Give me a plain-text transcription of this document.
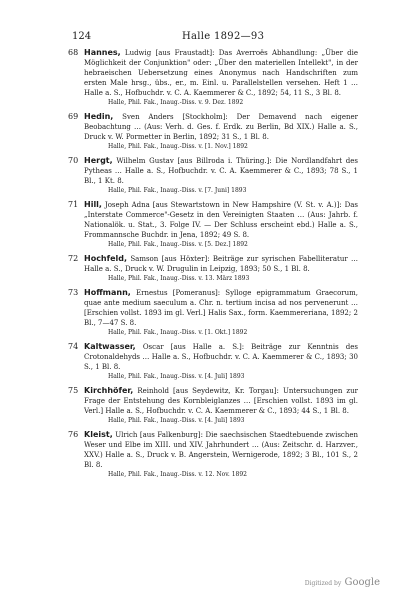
124	Halle 1892—93
68 Hannes, Ludwig [aus Fraustadt]: Das Averroës Abhandlung: „Über die Möglichkeit der Conjunktion" oder: „Über den materiellen Intellekt", in der hebraeischen Uebersetzung eines Anonymus nach Handschriften zum ersten Male hrsg., übs., er., m. Einl. u. Parallelstellen versehen. Heft 1 … Halle a. S., Hofbuchdr. v. C. A. Kaemmerer & C., 1892; 54, 11 S., 3 Bl. 8.
Halle, Phil. Fak., Inaug.-Diss. v. 9. Dez. 1892
69 Hedin, Sven Anders [Stockholm]: Der Demavend nach eigener Beobachtung … (Aus: Verh. d. Ges. f. Erdk. zu Berlin, Bd XIX.) Halle a. S., Druck v. W. Pormetter in Berlin, 1892; 31 S., 1 Bl. 8.
Halle, Phil. Fak., Inaug.-Diss. v. [1. Nov.] 1892
70 Hergt, Wilhelm Gustav [aus Billroda i. Thüring.]: Die Nordlandfahrt des Pytheas … Halle a. S., Hofbuchdr. v. C. A. Kaemmerer & C., 1893; 78 S., 1 Bl., 1 Kt. 8.
Halle, Phil. Fak., Inaug.-Diss. v. [7. Juni] 1893
71 Hill, Joseph Adna [aus Stewartstown in New Hampshire (V. St. v. A.)]: Das „Interstate Commerce"-Gesetz in den Vereinigten Staaten … (Aus: Jahrb. f. Nationalök. u. Stat., 3. Folge IV. — Der Schluss erscheint ebd.) Halle a. S., Frommannsche Buchdr. in Jena, 1892; 49 S. 8.
Halle, Phil. Fak., Inaug.-Diss. v. [5. Dez.] 1892
72 Hochfeld, Samson [aus Höxter]: Beiträge zur syrischen Fabelliteratur … Halle a. S., Druck v. W. Drugulin in Leipzig, 1893; 50 S., 1 Bl. 8.
Halle, Phil. Fak., Inaug.-Diss. v. 13. März 1893
73 Hoffmann, Ernestus [Pomeranus]: Sylloge epigrammatum Graecorum, quae ante medium saeculum a. Chr. n. tertium incisa ad nos pervenerunt … [Erschien vollst. 1893 im gl. Verl.] Halis Sax., form. Kaemmereriana, 1892; 2 Bl., 7—47 S. 8.
Halle, Phil. Fak., Inaug.-Diss. v. [1. Okt.] 1892
74 Kaltwasser, Oscar [aus Halle a. S.]: Beiträge zur Kenntnis des Crotonaldehyds … Halle a. S., Hofbuchdr. v. C. A. Kaemmerer & C., 1893; 30 S., 1 Bl. 8.
Halle, Phil. Fak., Inaug.-Diss. v. [4. Juli] 1893
75 Kirchhöfer, Reinhold [aus Seydewitz, Kr. Torgau]: Untersuchungen zur Frage der Entstehung des Kornbleiglanzes … [Erschien vollst. 1893 im gl. Verl.] Halle a. S., Hofbuchdr. v. C. A. Kaemmerer & C., 1893; 44 S., 1 Bl. 8.
Halle, Phil. Fak., Inaug.-Diss. v. [4. Juli] 1893
76 Kleist, Ulrich [aus Falkenburg]: Die saechsischen Staedtebuende zwischen Weser und Elbe im XIII. und XIV. Jahrhundert … (Aus: Zeitschr. d. Harzver., XXV.) Halle a. S., Druck v. B. Angerstein, Wernigerode, 1892; 3 Bl., 101 S., 2 Bl. 8.
Halle, Phil. Fak., Inaug.-Diss. v. 12. Nov. 1892
Digitized by Google
